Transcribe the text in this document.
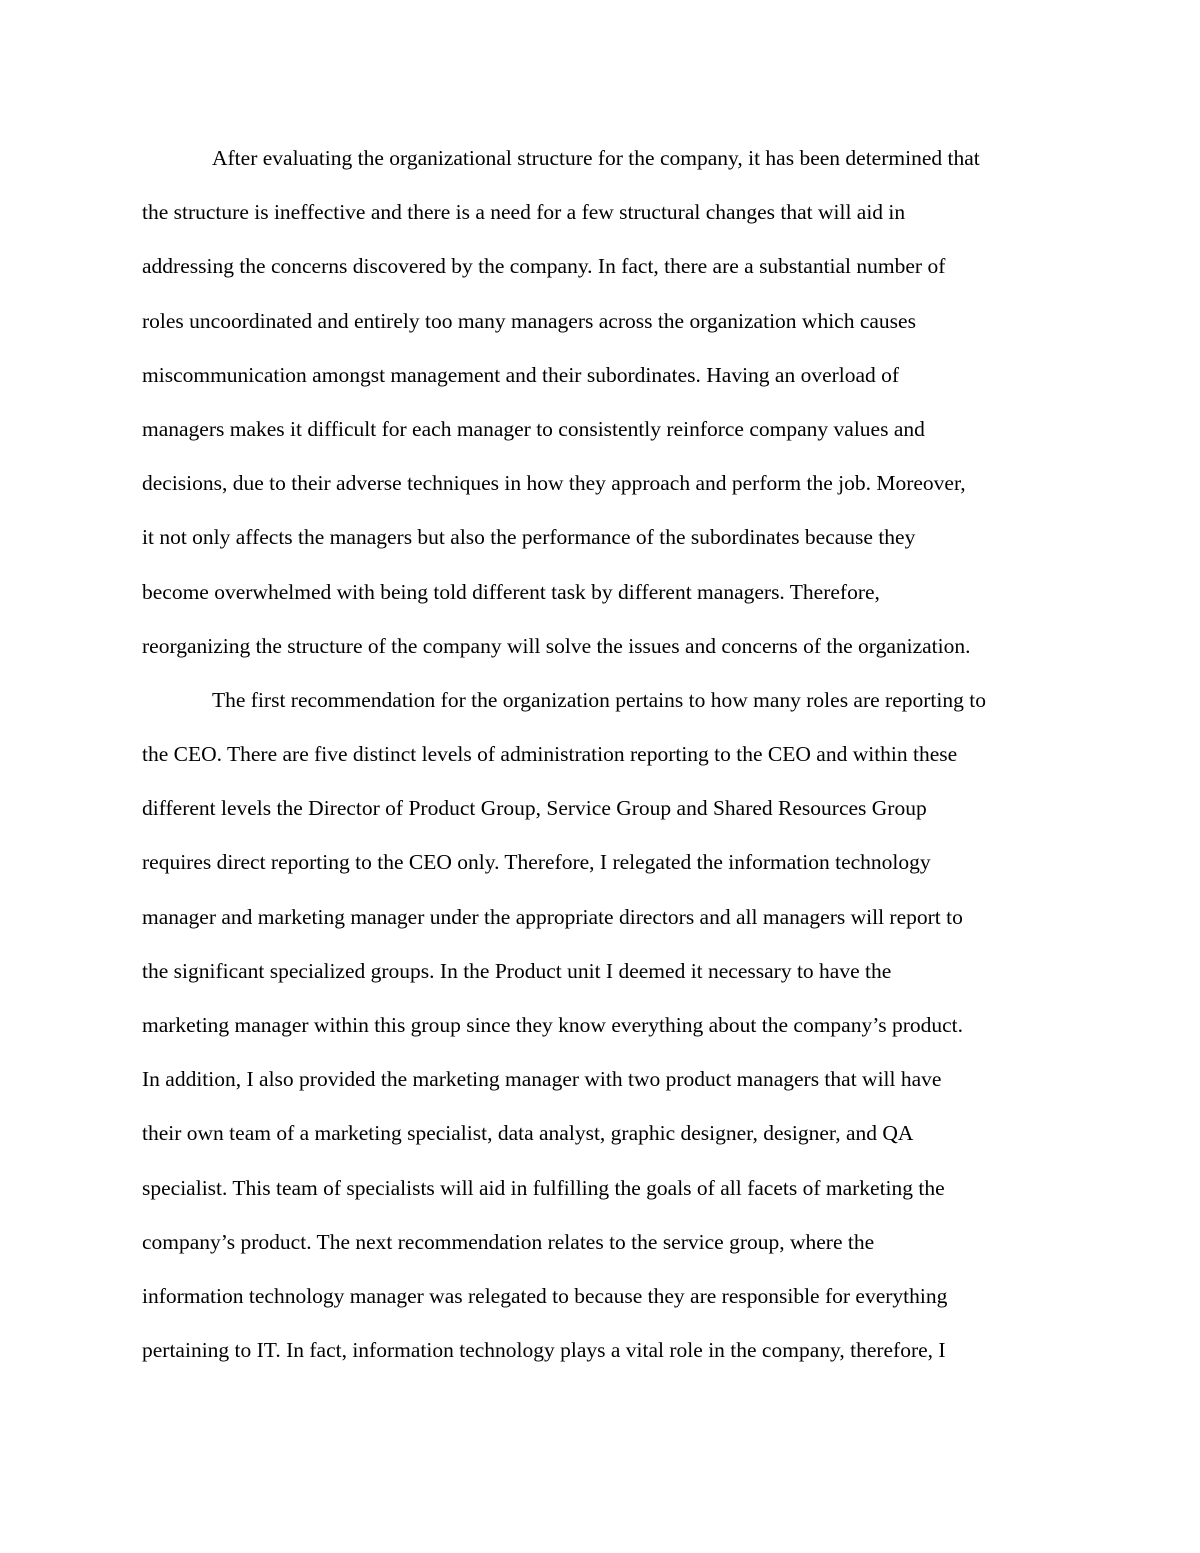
After evaluating the organizational structure for the company, it has been determined that
the structure is ineffective and there is a need for a few structural changes that will aid in
addressing the concerns discovered by the company. In fact, there are a substantial number of
roles uncoordinated and entirely too many managers across the organization which causes
miscommunication amongst management and their subordinates. Having an overload of
managers makes it difficult for each manager to consistently reinforce company values and
decisions, due to their adverse techniques in how they approach and perform the job. Moreover,
it not only affects the managers but also the performance of the subordinates because they
become overwhelmed with being told different task by different managers. Therefore,
reorganizing the structure of the company will solve the issues and concerns of the organization.
The first recommendation for the organization pertains to how many roles are reporting to
the CEO. There are five distinct levels of administration reporting to the CEO and within these
different levels the Director of Product Group, Service Group and Shared Resources Group
requires direct reporting to the CEO only. Therefore, I relegated the information technology
manager and marketing manager under the appropriate directors and all managers will report to
the significant specialized groups. In the Product unit I deemed it necessary to have the
marketing manager within this group since they know everything about the company’s product.
In addition, I also provided the marketing manager with two product managers that will have
their own team of a marketing specialist, data analyst, graphic designer, designer, and QA
specialist. This team of specialists will aid in fulfilling the goals of all facets of marketing the
company’s product. The next recommendation relates to the service group, where the
information technology manager was relegated to because they are responsible for everything
pertaining to IT. In fact, information technology plays a vital role in the company, therefore, I
